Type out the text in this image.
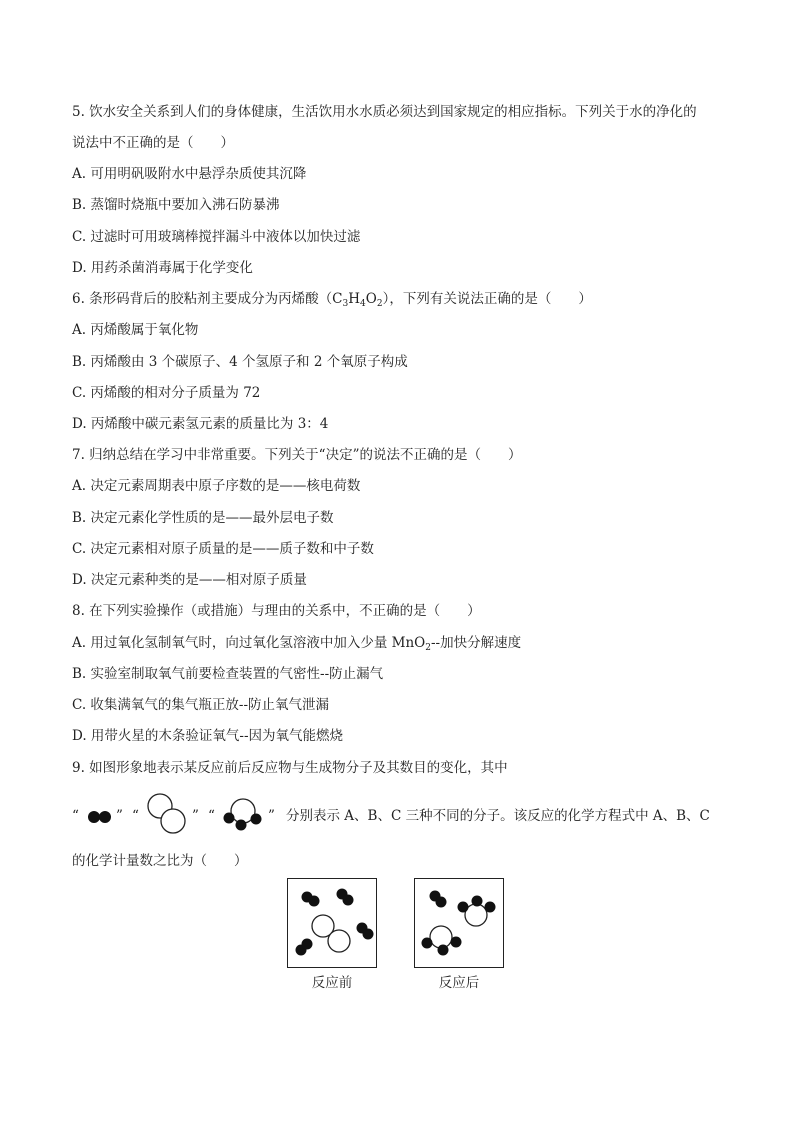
5. 饮水安全关系到人们的身体健康，生活饮用水水质必须达到国家规定的相应指标。下列关于水的净化的
说法中不正确的是（　　）
A. 可用明矾吸附水中悬浮杂质使其沉降
B. 蒸馏时烧瓶中要加入沸石防暴沸
C. 过滤时可用玻璃棒搅拌漏斗中液体以加快过滤
D. 用药杀菌消毒属于化学变化
6. 条形码背后的胶粘剂主要成分为丙烯酸$(C_3H_4O_2)$，下列有关说法正确的是（　　）
A. 丙烯酸属于氧化物
B. 丙烯酸由 3 个碳原子、4 个氢原子和 2 个氧原子构成
C. 丙烯酸的相对分子质量为 72
D. 丙烯酸中碳元素氢元素的质量比为 3：4
7. 归纳总结在学习中非常重要。下列关于“决定”的说法不正确的是（　　）
A. 决定元素周期表中原子序数的是——核电荷数
B. 决定元素化学性质的是——最外层电子数
C. 决定元素相对原子质量的是——质子数和中子数
D. 决定元素种类的是——相对原子质量
8. 在下列实验操作（或措施）与理由的关系中，不正确的是（　　）
A. 用过氧化氢制氧气时，向过氧化氢溶液中加入少量 MnO$_2$--加快分解速度
B. 实验室制取氧气前要检查装置的气密性--防止漏气
C. 收集满氧气的集气瓶正放--防止氧气泄漏
D. 用带火星的木条验证氧气--因为氧气能燃烧
9. 如图形象地表示某反应前后反应物与生成物分子及其数目的变化，其中
“	” “	” “	” 分别表示 A、B、C 三种不同的分子。该反应的化学方程式中 A、B、C
的化学计量数之比为（　　）
反应前	反应后
